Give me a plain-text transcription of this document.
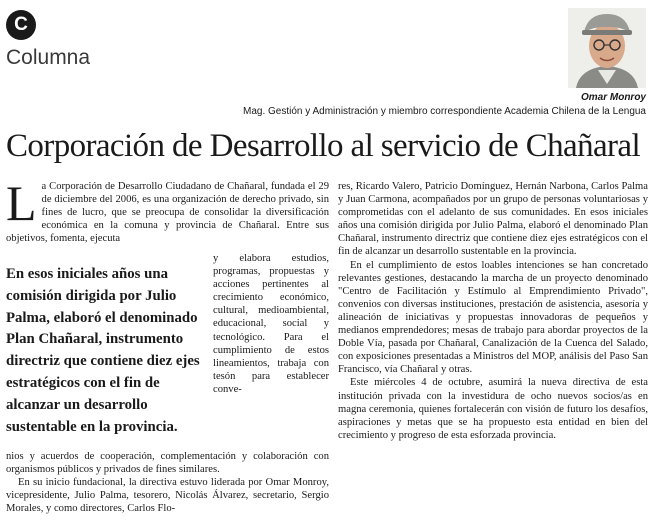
C
Columna
Omar Monroy
Mag. Gestión y Administración y miembro correspondiente Academia Chilena de la Lengua
Corporación de Desarrollo al servicio de Chañaral
La Corporación de Desarrollo Ciudadano de Chañaral, fundada el 29 de diciembre del 2006, es una organización de derecho privado, sin fines de lucro, que se preocupa de consolidar la diversificación económica en la comuna y provincia de Chañaral. Entre sus objetivos, fomenta, ejecuta
En esos iniciales años una comisión dirigida por Julio Palma, elaboró el denominado Plan Chañaral, instrumento directriz que contiene diez ejes estratégicos con el fin de alcanzar un desarrollo sustentable en la provincia.
y elabora estudios, programas, propuestas y acciones pertinentes al crecimiento económico, cultural, medioambiental, educacional, social y tecnológico. Para el cumplimiento de estos lineamientos, trabaja con tesón para establecer conve-

nios y acuerdos de cooperación, complementación y colaboración con organismos públicos y privados de fines similares.

En su inicio fundacional, la directiva estuvo liderada por Omar Monroy, vicepresidente, Julio Palma, tesorero, Nicolás Álvarez, secretario, Sergio Morales, y como directores, Carlos Flo-

res, Ricardo Valero, Patricio Domínguez, Hernán Narbona, Carlos Palma y Juan Carmona, acompañados por un grupo de personas voluntariosas y comprometidas con el adelanto de sus comunidades. En esos iniciales años una comisión dirigida por Julio Palma, elaboró el denominado Plan Chañaral, instrumento directriz que contiene diez ejes estratégicos con el fin de alcanzar un desarrollo sustentable en la provincia.

En el cumplimiento de estos loables intenciones se han concretado relevantes gestiones, destacando la marcha de un proyecto denominado "Centro de Facilitación y Estímulo al Emprendimiento Privado", convenios con diversas instituciones, prestación de asistencia, asesoría y alineación de iniciativas y propuestas innovadoras de pequeños y medianos emprendedores; mesas de trabajo para abordar proyectos de la Doble Vía, pasada por Chañaral, Canalización de la Cuenca del Salado, con exposiciones presentadas a Ministros del MOP, análisis del Paso San Francisco, vía Chañaral y otras.

Este miércoles 4 de octubre, asumirá la nueva directiva de esta institución privada con la investidura de ocho nuevos socios/as en magna ceremonia, quienes fortalecerán con visión de futuro los desafíos, aspiraciones y metas que se ha propuesto esta entidad en bien del crecimiento y progreso de esta esforzada provincia.
